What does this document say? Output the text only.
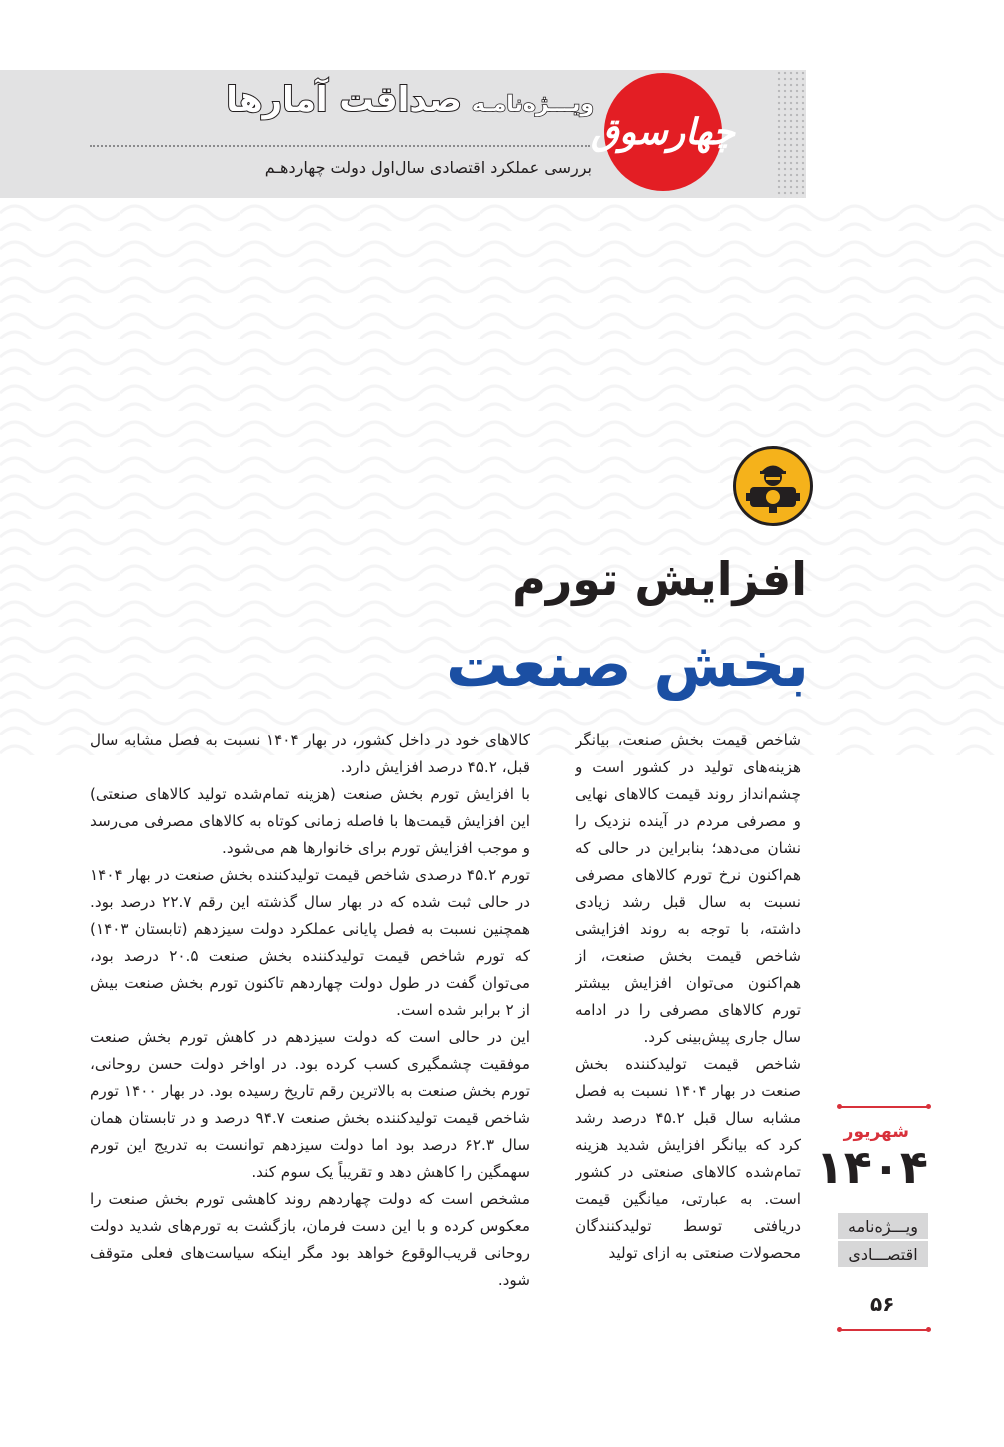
ویـــژه‌نامـه
صداقت آمارها
بررسی عملکرد اقتصادی سال‌اول دولت چهاردهـم
چهارسوق
افزایش تورم
بخش صنعت

شاخص قیمت بخش صنعت، بیانگر هزینه‌های تولید در کشور است و چشم‌انداز روند قیمت کالاهای نهایی و مصرفی مردم در آینده نزدیک را نشان می‌دهد؛ بنابراین در حالی که هم‌اکنون نرخ تورم کالاهای مصرفی نسبت به سال قبل رشد زیادی داشته، با توجه به روند افزایشی شاخص قیمت بخش صنعت، از هم‌اکنون می‌توان افزایش بیشتر تورم کالاهای مصرفی را در ادامه سال جاری پیش‌بینی کرد.

شاخص قیمت تولیدکننده بخش صنعت در بهار ۱۴۰۴ نسبت به فصل مشابه سال قبل ۴۵.۲ درصد رشد کرد که بیانگر افزایش شدید هزینه تمام‌شده کالاهای صنعتی در کشور است. به عبارتی، میانگین قیمت دریافتی توسط تولیدکنندگان محصولات صنعتی به ازای تولید

کالاهای خود در داخل کشور، در بهار ۱۴۰۴ نسبت به فصل مشابه سال قبل، ۴۵.۲ درصد افزایش دارد.

با افزایش تورم بخش صنعت (هزینه تمام‌شده تولید کالاهای صنعتی) این افزایش قیمت‌ها با فاصله زمانی کوتاه به کالاهای مصرفی می‌رسد و موجب افزایش تورم برای خانوارها هم می‌شود.

تورم ۴۵.۲ درصدی شاخص قیمت تولیدکننده بخش صنعت در بهار ۱۴۰۴ در حالی ثبت شده که در بهار سال گذشته این رقم ۲۲.۷ درصد بود. همچنین نسبت به فصل پایانی عملکرد دولت سیزدهم (تابستان ۱۴۰۳) که تورم شاخص قیمت تولیدکننده بخش صنعت ۲۰.۵ درصد بود، می‌توان گفت در طول دولت چهاردهم تاکنون تورم بخش صنعت بیش از ۲ برابر شده است.

این در حالی است که دولت سیزدهم در کاهش تورم بخش صنعت موفقیت چشمگیری کسب کرده بود. در اواخر دولت حسن روحانی، تورم بخش صنعت به بالاترین رقم تاریخ رسیده بود. در بهار ۱۴۰۰ تورم شاخص قیمت تولیدکننده بخش صنعت ۹۴.۷ درصد و در تابستان همان سال ۶۲.۳ درصد بود اما دولت سیزدهم توانست به تدریج این تورم سهمگین را کاهش دهد و تقریباً یک سوم کند.

مشخص است که دولت چهاردهم روند کاهشی تورم بخش صنعت را معکوس کرده و با این دست فرمان، بازگشت به تورم‌های شدید دولت روحانی قریب‌الوقوع خواهد بود مگر اینکه سیاست‌های فعلی متوقف شود.

شهریور
۱۴۰۴
ویـــژه‌نامه
اقتصـــادی
۵۶
